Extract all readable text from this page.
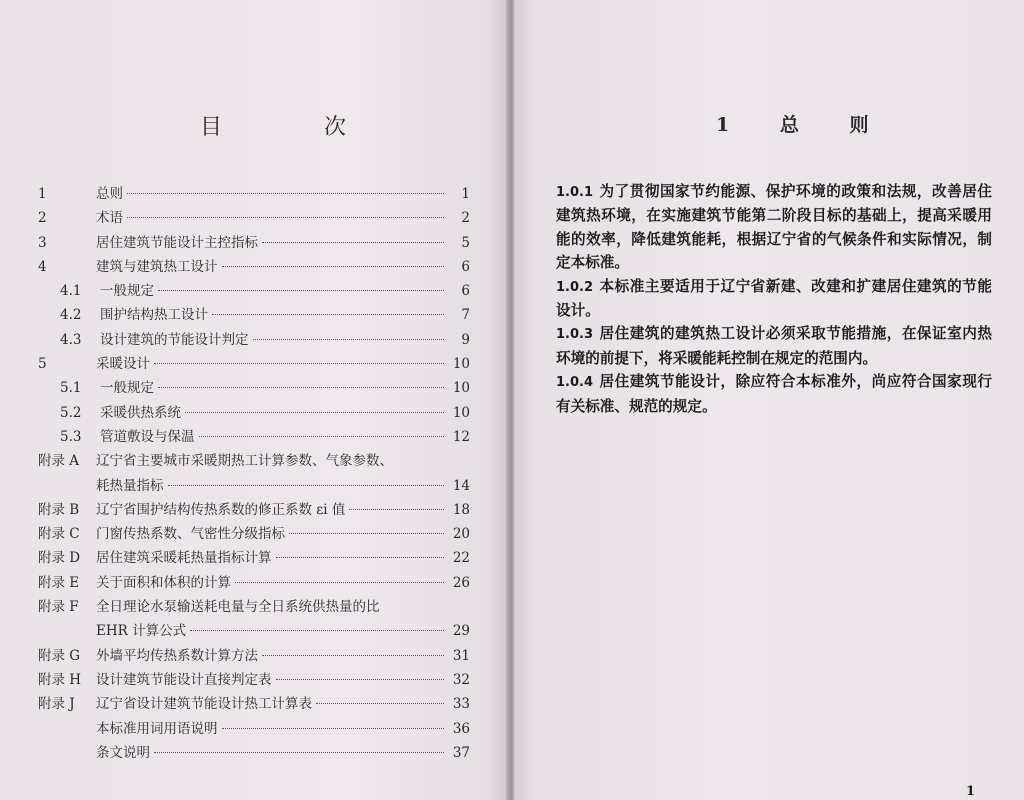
目　次
1	总则	1
2	术语	2
3	居住建筑节能设计主控指标	5
4	建筑与建筑热工设计	6
4.1	一般规定	6
4.2	围护结构热工设计	7
4.3	设计建筑的节能设计判定	9
5	采暖设计	10
5.1	一般规定	10
5.2	采暖供热系统	10
5.3	管道敷设与保温	12
附录 A	辽宁省主要城市采暖期热工计算参数、气象参数、
耗热量指标	14
附录 B	辽宁省围护结构传热系数的修正系数 εi 值	18
附录 C	门窗传热系数、气密性分级指标	20
附录 D	居住建筑采暖耗热量指标计算	22
附录 E	关于面积和体积的计算	26
附录 F	全日理论水泵输送耗电量与全日系统供热量的比
EHR 计算公式	29
附录 G	外墙平均传热系数计算方法	31
附录 H	设计建筑节能设计直接判定表	32
附录 J	辽宁省设计建筑节能设计热工计算表	33
本标准用词用语说明	36
条文说明	37
1 总 则

1.0.1 为了贯彻国家节约能源、保护环境的政策和法规，改善居住建筑热环境，在实施建筑节能第二阶段目标的基础上，提高采暖用能的效率，降低建筑能耗，根据辽宁省的气候条件和实际情况，制定本标准。

1.0.2 本标准主要适用于辽宁省新建、改建和扩建居住建筑的节能设计。

1.0.3 居住建筑的建筑热工设计必须采取节能措施，在保证室内热环境的前提下，将采暖能耗控制在规定的范围内。

1.0.4 居住建筑节能设计，除应符合本标准外，尚应符合国家现行有关标准、规范的规定。

1
